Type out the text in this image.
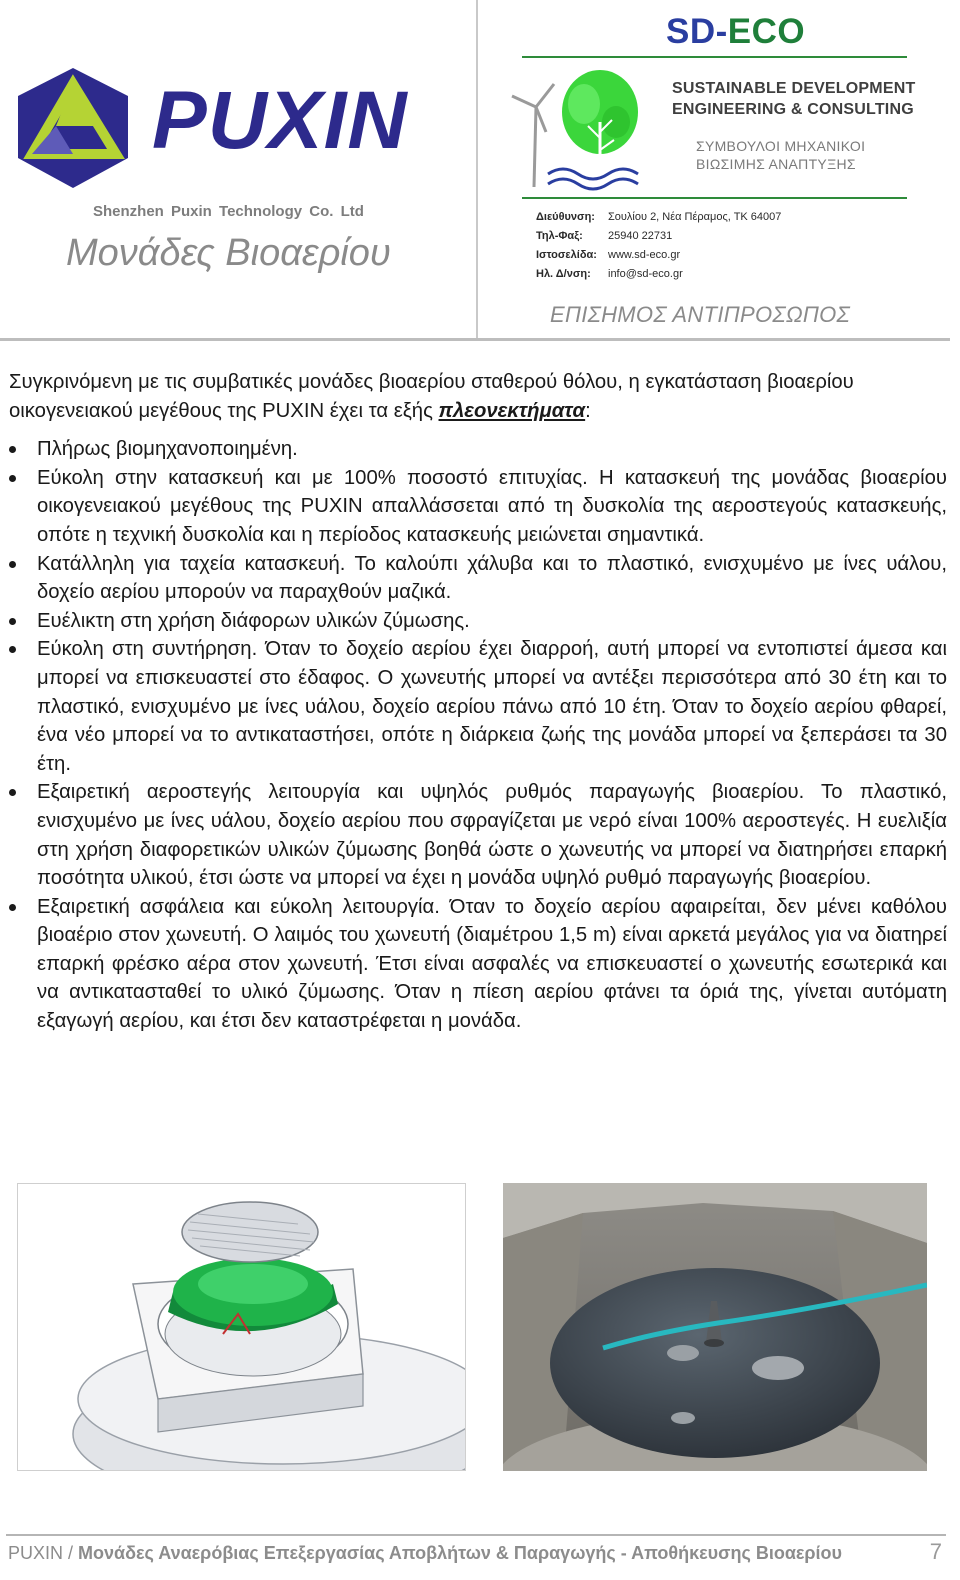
PUXIN
Shenzhen Puxin Technology Co. Ltd
Μονάδες Βιοαερίου
SD-ECO
SUSTAINABLE DEVELOPMENT
ENGINEERING & CONSULTING
ΣΥΜΒΟΥΛΟΙ ΜΗΧΑΝΙΚΟΙ
ΒΙΩΣΙΜΗΣ ΑΝΑΠΤΥΞΗΣ
Διεύθυνση:	Σουλίου 2, Νέα Πέραμος, ΤΚ 64007
Τηλ-Φαξ:	25940 22731
Ιστοσελίδα:	www.sd-eco.gr
Ηλ. Δ/νση:	info@sd-eco.gr
ΕΠΙΣΗΜΟΣ ΑΝΤΙΠΡΟΣΩΠΟΣ

Συγκρινόμενη με τις συμβατικές μονάδες βιοαερίου σταθερού θόλου, η εγκατάσταση βιοαερίου οικογενειακού μεγέθους της PUXIN έχει τα εξής πλεονεκτήματα:

Πλήρως βιομηχανοποιημένη.
Εύκολη στην κατασκευή και με 100% ποσοστό επιτυχίας. Η κατασκευή της μονάδας βιοαερίου οικογενειακού μεγέθους της PUXIN απαλλάσσεται από τη δυσκολία της αεροστεγούς κατασκευής, οπότε η τεχνική δυσκολία και η περίοδος κατασκευής μειώνεται σημαντικά.
Κατάλληλη για ταχεία κατασκευή. Το καλούπι χάλυβα και το πλαστικό, ενισχυμένο με ίνες υάλου, δοχείο αερίου μπορούν να παραχθούν μαζικά.
Ευέλικτη στη χρήση διάφορων υλικών ζύμωσης.
Εύκολη στη συντήρηση. Όταν το δοχείο αερίου έχει διαρροή, αυτή μπορεί να εντοπιστεί άμεσα και μπορεί να επισκευαστεί στο έδαφος. Ο χωνευτής μπορεί να αντέξει περισσότερα από 30 έτη και το πλαστικό, ενισχυμένο με ίνες υάλου, δοχείο αερίου πάνω από 10 έτη. Όταν το δοχείο αερίου φθαρεί, ένα νέο μπορεί να το αντικαταστήσει, οπότε η διάρκεια ζωής της μονάδα μπορεί να ξεπεράσει τα 30 έτη.
Εξαιρετική αεροστεγής λειτουργία και υψηλός ρυθμός παραγωγής βιοαερίου. Το πλαστικό, ενισχυμένο με ίνες υάλου, δοχείο αερίου που σφραγίζεται με νερό είναι 100% αεροστεγές. Η ευελιξία στη χρήση διαφορετικών υλικών ζύμωσης βοηθά ώστε ο χωνευτής να μπορεί να διατηρήσει επαρκή ποσότητα υλικού, έτσι ώστε να μπορεί να έχει η μονάδα υψηλό ρυθμό παραγωγής βιοαερίου.
Εξαιρετική ασφάλεια και εύκολη λειτουργία. Όταν το δοχείο αερίου αφαιρείται, δεν μένει καθόλου βιοαέριο στον χωνευτή. Ο λαιμός του χωνευτή (διαμέτρου 1,5 m) είναι αρκετά μεγάλος για να διατηρεί επαρκή φρέσκο αέρα στον χωνευτή. Έτσι είναι ασφαλές να επισκευαστεί ο χωνευτής εσωτερικά και να αντικατασταθεί το υλικό ζύμωσης. Όταν η πίεση αερίου φτάνει τα όριά της, γίνεται αυτόματη εξαγωγή αερίου, και έτσι δεν καταστρέφεται η μονάδα.
PUXIN / Μονάδες Αναερόβιας Επεξεργασίας Αποβλήτων & Παραγωγής - Αποθήκευσης Βιοαερίου	7
